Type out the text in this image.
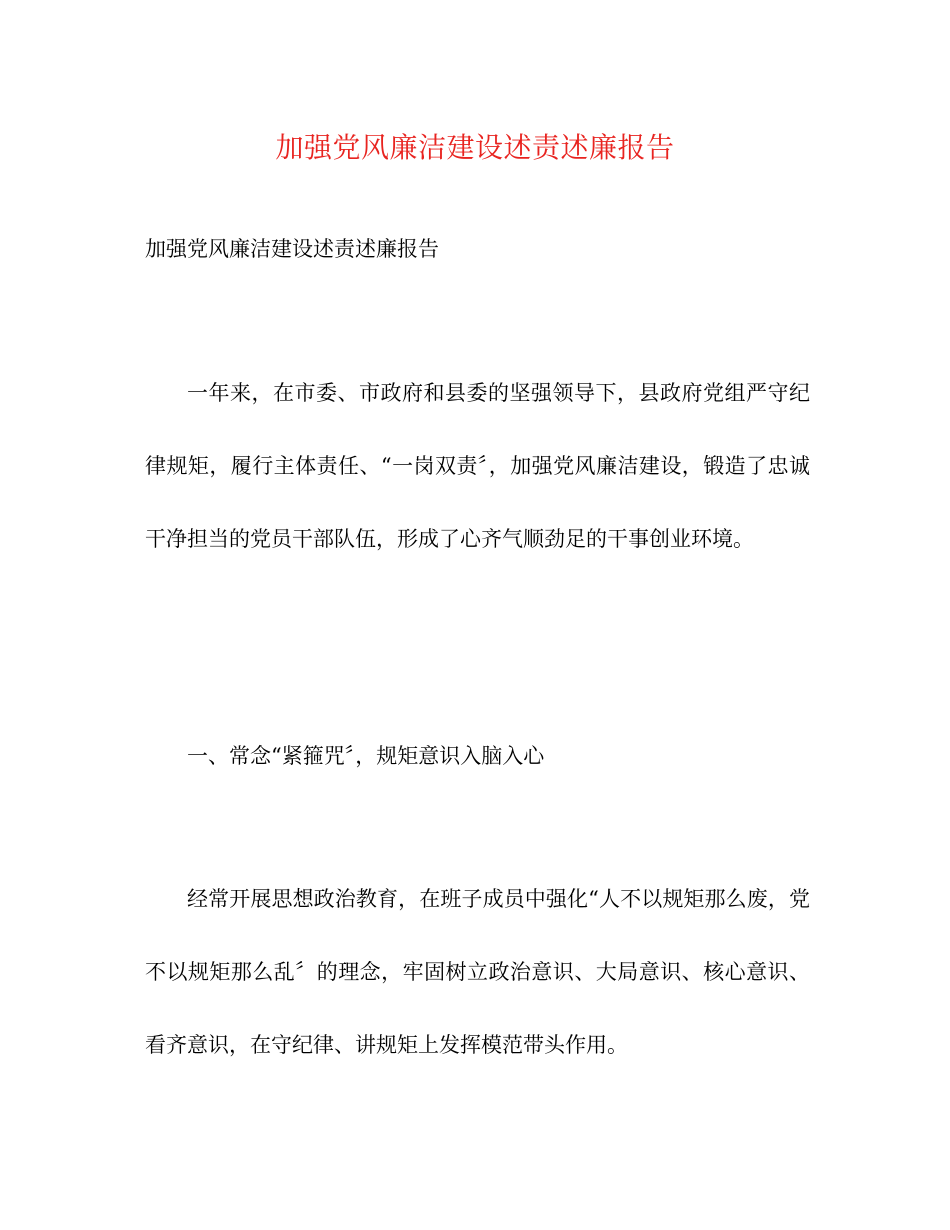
加强党风廉洁建设述责述廉报告
加强党风廉洁建设述责述廉报告

一年来，在市委、市政府和县委的坚强领导下，县政府党组严守纪律规矩，履行主体责任、“一岗双责〞，加强党风廉洁建设，锻造了忠诚干净担当的党员干部队伍，形成了心齐气顺劲足的干事创业环境。

一、常念“紧箍咒〞，规矩意识入脑入心

经常开展思想政治教育，在班子成员中强化“人不以规矩那么废，党不以规矩那么乱〞的理念，牢固树立政治意识、大局意识、核心意识、看齐意识，在守纪律、讲规矩上发挥模范带头作用。
